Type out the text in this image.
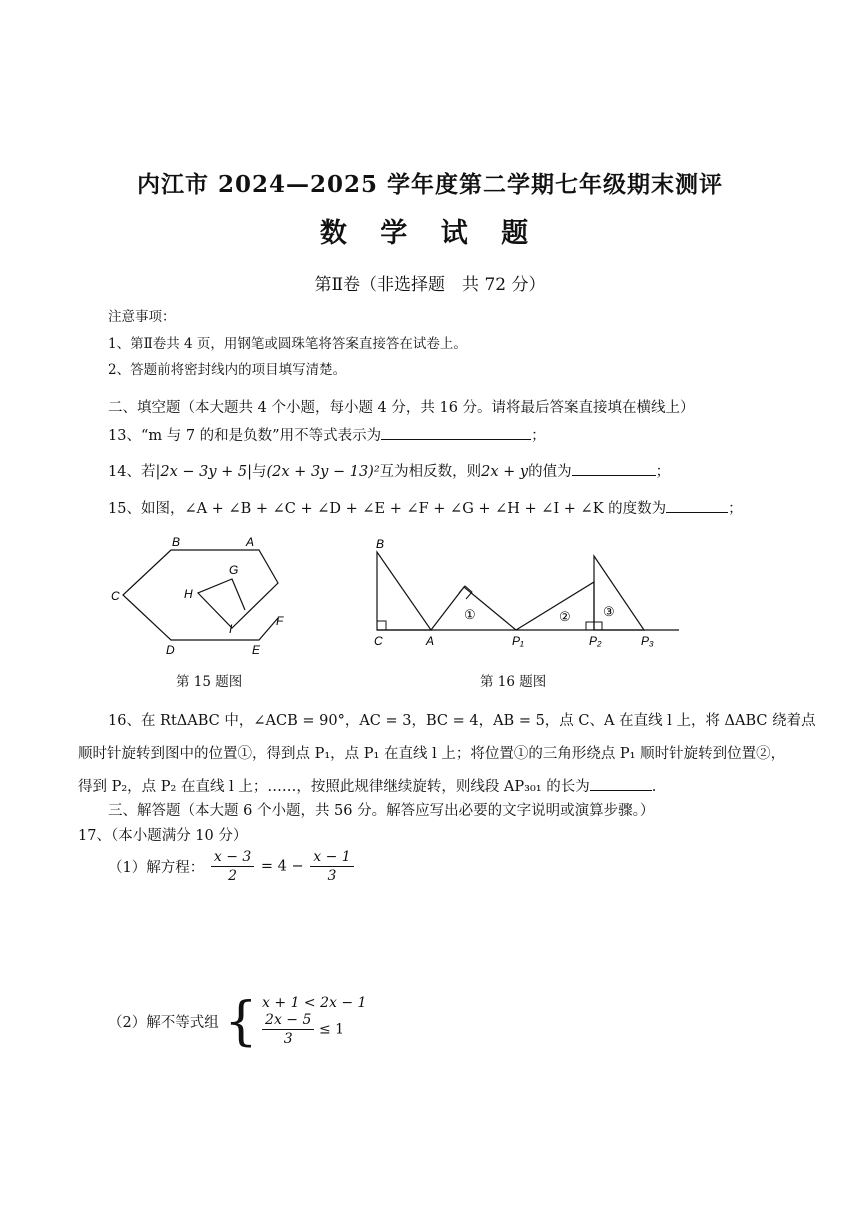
内江市 2024—2025 学年度第二学期七年级期末测评
数 学 试 题
第Ⅱ卷（非选择题　共 72 分）
注意事项：
1、第Ⅱ卷共 4 页，用钢笔或圆珠笔将答案直接答在试卷上。
2、答题前将密封线内的项目填写清楚。
二、填空题（本大题共 4 个小题，每小题 4 分，共 16 分。请将最后答案直接填在横线上）
13、“m 与 7 的和是负数”用不等式表示为	；
14、若|2x − 3y + 5|与(2x + 3y − 13)²互为相反数，则2x + y的值为	；
15、如图，∠A + ∠B + ∠C + ∠D + ∠E + ∠F + ∠G + ∠H + ∠I + ∠K 的度数为	；
B	A
C
D	E
F
G
H
I
第 15 题图
B
C	A	P₁	P₂	P₃
①	② ③
第 16 题图
16、在 RtΔABC 中，∠ACB = 90°，AC = 3，BC = 4，AB = 5，点 C、A 在直线 l 上，将 ΔABC 绕着点
顺时针旋转到图中的位置①，得到点 P₁，点 P₁ 在直线 l 上；将位置①的三角形绕点 P₁ 顺时针旋转到位置②，
得到 P₂，点 P₂ 在直线 l 上；……，按照此规律继续旋转，则线段 AP₃₀₁ 的长为	.
三、解答题（本大题 6 个小题，共 56 分。解答应写出必要的文字说明或演算步骤。）
17、（本小题满分 10 分）
（1）解方程： $\frac{x - 3}{2} = 4 - \frac{x - 1}{3}$
（2）解不等式组 { x + 1 < 2x − 1
$\frac{2x - 5}{3} \le 1$
